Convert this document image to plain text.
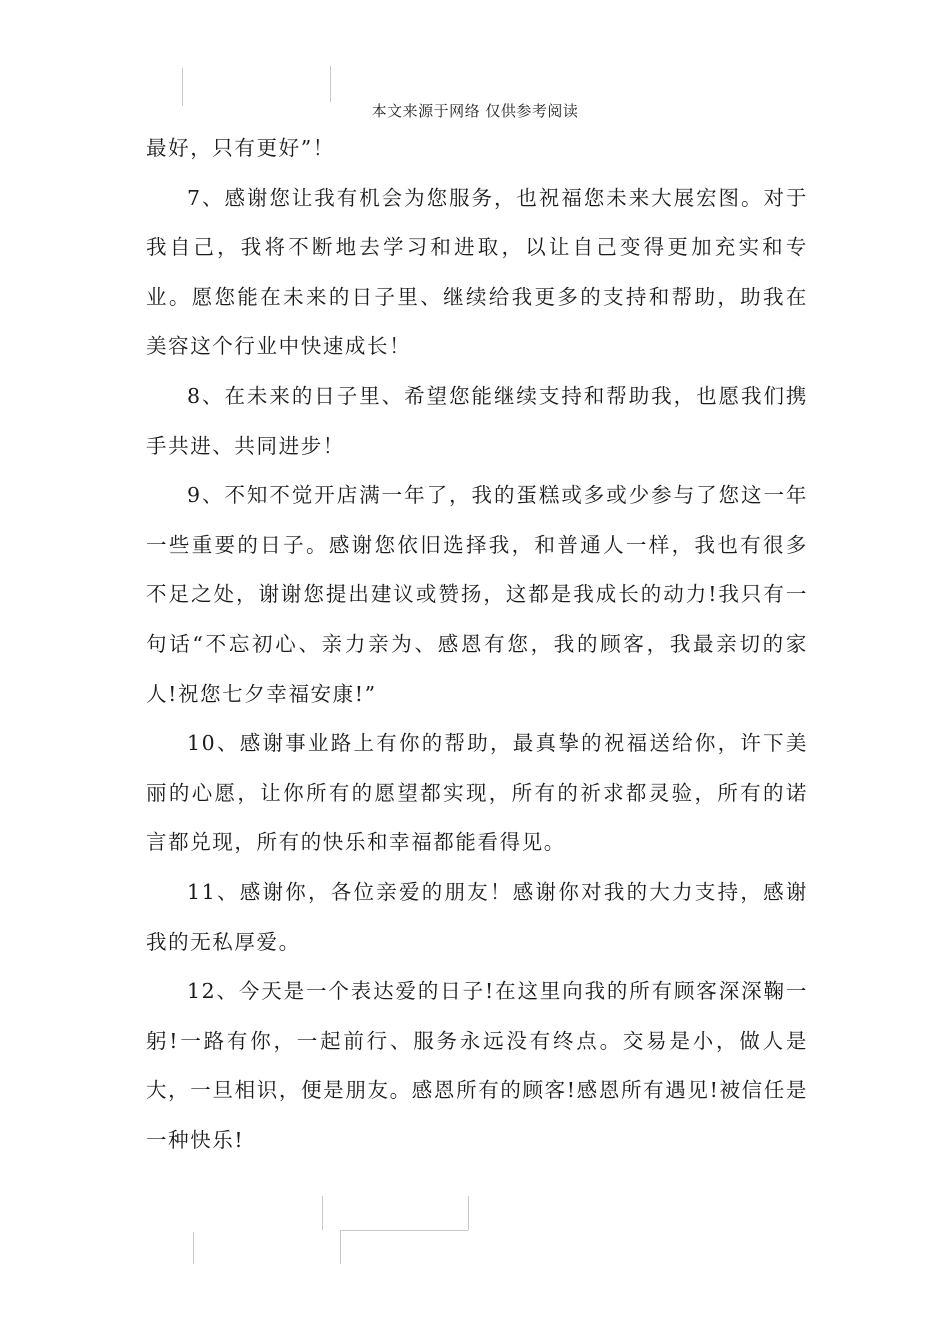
本文来源于网络 仅供参考阅读

最好，只有更好”！

7、感谢您让我有机会为您服务，也祝福您未来大展宏图。对于我自己，我将不断地去学习和进取，以让自己变得更加充实和专业。愿您能在未来的日子里、继续给我更多的支持和帮助，助我在美容这个行业中快速成长！

8、在未来的日子里、希望您能继续支持和帮助我，也愿我们携手共进、共同进步！

9、不知不觉开店满一年了，我的蛋糕或多或少参与了您这一年一些重要的日子。感谢您依旧选择我，和普通人一样，我也有很多不足之处，谢谢您提出建议或赞扬，这都是我成长的动力!我只有一句话“不忘初心、亲力亲为、感恩有您，我的顾客，我最亲切的家人!祝您七夕幸福安康!”

10、感谢事业路上有你的帮助，最真挚的祝福送给你，许下美丽的心愿，让你所有的愿望都实现，所有的祈求都灵验，所有的诺言都兑现，所有的快乐和幸福都能看得见。

11、感谢你，各位亲爱的朋友！感谢你对我的大力支持，感谢我的无私厚爱。

12、今天是一个表达爱的日子!在这里向我的所有顾客深深鞠一躬!一路有你，一起前行、服务永远没有终点。交易是小，做人是大，一旦相识，便是朋友。感恩所有的顾客!感恩所有遇见!被信任是一种快乐!
